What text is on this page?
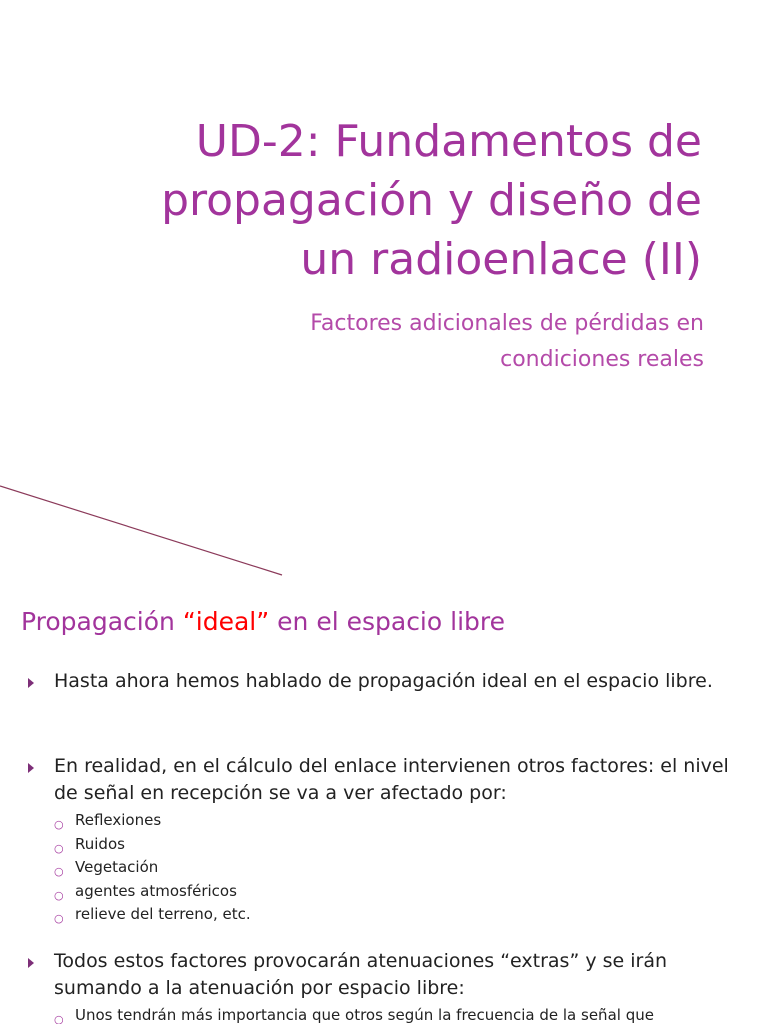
UD-2: Fundamentos de
propagación y diseño de
un radioenlace (II)
Factores adicionales de pérdidas en
condiciones reales
Propagación “ideal” en el espacio libre
Hasta ahora hemos hablado de propagación ideal en el espacio libre.
En realidad, en el cálculo del enlace intervienen otros factores: el nivel de señal en recepción se va a ver afectado por:
○ Reflexiones
○ Ruidos
○ Vegetación
○ agentes atmosféricos
○ relieve del terreno, etc.
Todos estos factores provocarán atenuaciones “extras” y se irán sumando a la atenuación por espacio libre:
○ Unos tendrán más importancia que otros según la frecuencia de la señal que
